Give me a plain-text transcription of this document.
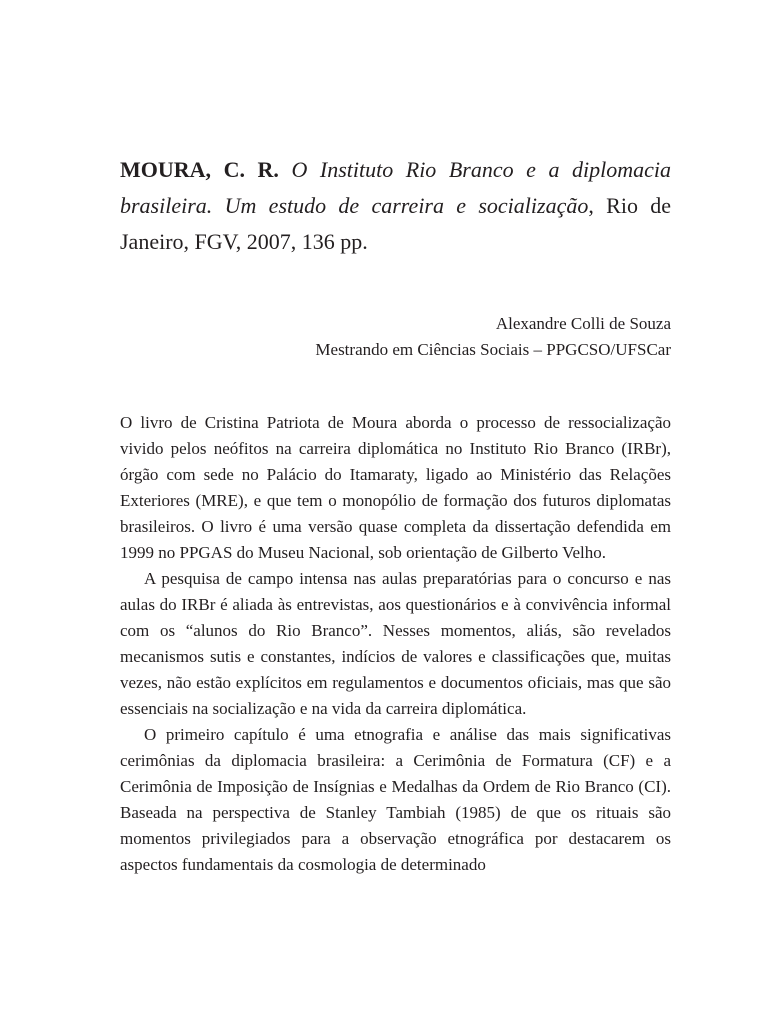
MOURA, C. R. O Instituto Rio Branco e a diplomacia brasileira. Um estudo de carreira e socialização, Rio de Janeiro, FGV, 2007, 136 pp.

Alexandre Colli de Souza
Mestrando em Ciências Sociais – PPGCSO/UFSCar

O livro de Cristina Patriota de Moura aborda o processo de ressocialização vivido pelos neófitos na carreira diplomática no Instituto Rio Branco (IRBr), órgão com sede no Palácio do Itamaraty, ligado ao Ministério das Relações Exteriores (MRE), e que tem o monopólio de formação dos futuros diplomatas brasileiros. O livro é uma versão quase completa da dissertação defendida em 1999 no PPGAS do Museu Nacional, sob orientação de Gilberto Velho.

A pesquisa de campo intensa nas aulas preparatórias para o concurso e nas aulas do IRBr é aliada às entrevistas, aos questionários e à convivência informal com os “alunos do Rio Branco”. Nesses momentos, aliás, são revelados mecanismos sutis e constantes, indícios de valores e classificações que, muitas vezes, não estão explícitos em regulamentos e documentos oficiais, mas que são essenciais na socialização e na vida da carreira diplomática.

O primeiro capítulo é uma etnografia e análise das mais significativas cerimônias da diplomacia brasileira: a Cerimônia de Formatura (CF) e a Cerimônia de Imposição de Insígnias e Medalhas da Ordem de Rio Branco (CI). Baseada na perspectiva de Stanley Tambiah (1985) de que os rituais são momentos privilegiados para a observação etnográfica por destacarem os aspectos fundamentais da cosmologia de determinado
